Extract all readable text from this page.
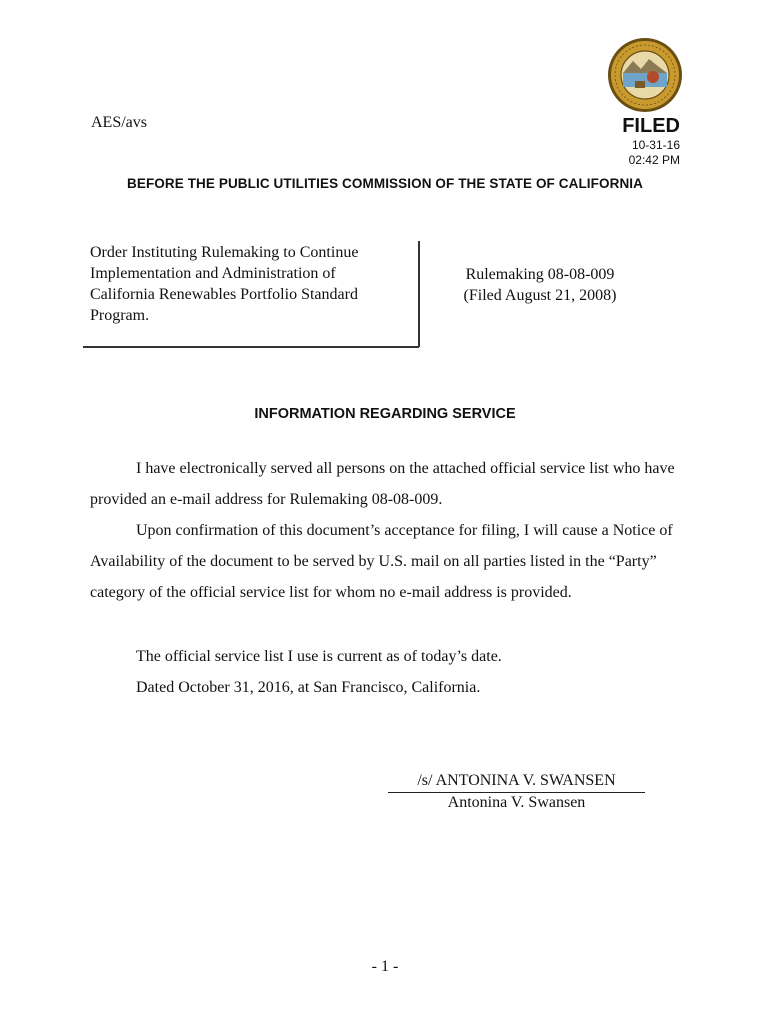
AES/avs	FILED
10-31-16
02:42 PM
BEFORE THE PUBLIC UTILITIES COMMISSION OF THE STATE OF CALIFORNIA
Order Instituting Rulemaking to Continue
Implementation and Administration of
California Renewables Portfolio Standard
Program.
Rulemaking 08-08-009
(Filed August 21, 2008)
INFORMATION REGARDING SERVICE
I have electronically served all persons on the attached official service list who have provided an e-mail address for Rulemaking 08-08-009.
Upon confirmation of this document’s acceptance for filing, I will cause a Notice of Availability of the document to be served by U.S. mail on all parties listed in the “Party” category of the official service list for whom no e-mail address is provided.
The official service list I use is current as of today’s date.
Dated October 31, 2016, at San Francisco, California.
/s/ ANTONINA V. SWANSEN
Antonina V. Swansen
- 1 -
